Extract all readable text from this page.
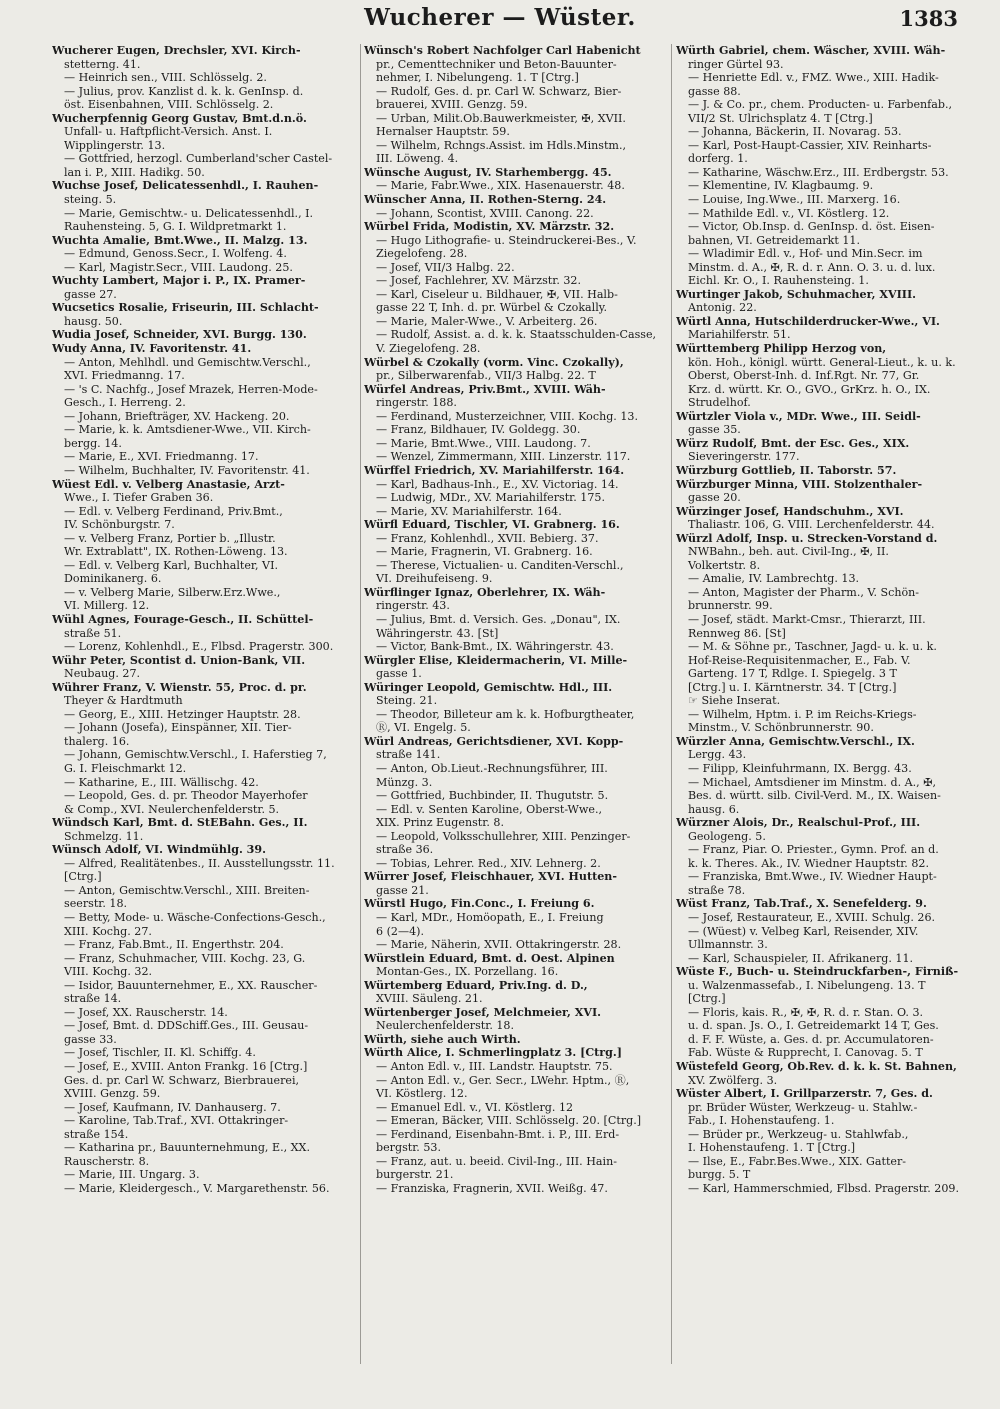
Wucherer — Wüster.	1383
Wucherer Eugen, Drechsler, XVI. Kirch-
stetterng. 41.
— Heinrich sen., VIII. Schlösselg. 2.
— Julius, prov. Kanzlist d. k. k. GenInsp. d.
öst. Eisenbahnen, VIII. Schlösselg. 2.
Wucherpfennig Georg Gustav, Bmt.d.n.ö.
Unfall- u. Haftpflicht-Versich. Anst. I.
Wipplingerstr. 13.
— Gottfried, herzogl. Cumberland'scher Castel-
lan i. P., XIII. Hadikg. 50.
Wuchse Josef, Delicatessenhdl., I. Rauhen-
steing. 5.
— Marie, Gemischtw.- u. Delicatessenhdl., I.
Rauhensteing. 5, G. I. Wildpretmarkt 1.
Wuchta Amalie, Bmt.Wwe., II. Malzg. 13.
— Edmund, Genoss.Secr., I. Wolfeng. 4.
— Karl, Magistr.Secr., VIII. Laudong. 25.
Wuchty Lambert, Major i. P., IX. Pramer-
gasse 27.
Wucsetics Rosalie, Friseurin, III. Schlacht-
hausg. 50.
Wudia Josef, Schneider, XVI. Burgg. 130.
Wudy Anna, IV. Favoritenstr. 41.
— Anton, Mehlhdl. und Gemischtw.Verschl.,
XVI. Friedmanng. 17.
— 's C. Nachfg., Josef Mrazek, Herren-Mode-
Gesch., I. Herreng. 2.
— Johann, Briefträger, XV. Hackeng. 20.
— Marie, k. k. Amtsdiener-Wwe., VII. Kirch-
bergg. 14.
— Marie, E., XVI. Friedmanng. 17.
— Wilhelm, Buchhalter, IV. Favoritenstr. 41.
Wüest Edl. v. Velberg Anastasie, Arzt-
Wwe., I. Tiefer Graben 36.
— Edl. v. Velberg Ferdinand, Priv.Bmt.,
IV. Schönburgstr. 7.
— v. Velberg Franz, Portier b. „Illustr.
Wr. Extrablatt", IX. Rothen-Löweng. 13.
— Edl. v. Velberg Karl, Buchhalter, VI.
Dominikanerg. 6.
— v. Velberg Marie, Silberw.Erz.Wwe.,
VI. Millerg. 12.
Wühl Agnes, Fourage-Gesch., II. Schüttel-
straße 51.
— Lorenz, Kohlenhdl., E., Flbsd. Pragerstr. 300.
Wühr Peter, Scontist d. Union-Bank, VII.
Neubaug. 27.
Wührer Franz, V. Wienstr. 55, Proc. d. pr.
Theyer & Hardtmuth
— Georg, E., XIII. Hetzinger Hauptstr. 28.
— Johann (Josefa), Einspänner, XII. Tier-
thalerg. 16.
— Johann, Gemischtw.Verschl., I. Haferstieg 7,
G. I. Fleischmarkt 12.
— Katharine, E., III. Wällischg. 42.
— Leopold, Ges. d. pr. Theodor Mayerhofer
& Comp., XVI. Neulerchenfelderstr. 5.
Wündsch Karl, Bmt. d. StEBahn. Ges., II.
Schmelzg. 11.
Wünsch Adolf, VI. Windmühlg. 39.
— Alfred, Realitätenbes., II. Ausstellungsstr. 11.
[Ctrg.]
— Anton, Gemischtw.Verschl., XIII. Breiten-
seerstr. 18.
— Betty, Mode- u. Wäsche-Confections-Gesch.,
XIII. Kochg. 27.
— Franz, Fab.Bmt., II. Engerthstr. 204.
— Franz, Schuhmacher, VIII. Kochg. 23, G.
VIII. Kochg. 32.
— Isidor, Bauunternehmer, E., XX. Rauscher-
straße 14.
— Josef, XX. Rauscherstr. 14.
— Josef, Bmt. d. DDSchiff.Ges., III. Geusau-
gasse 33.
— Josef, Tischler, II. Kl. Schiffg. 4.
— Josef, E., XVIII. Anton Frankg. 16 [Ctrg.]
Ges. d. pr. Carl W. Schwarz, Bierbrauerei,
XVIII. Genzg. 59.
— Josef, Kaufmann, IV. Danhauserg. 7.
— Karoline, Tab.Traf., XVI. Ottakringer-
straße 154.
— Katharina pr., Bauunternehmung, E., XX.
Rauscherstr. 8.
— Marie, III. Ungarg. 3.
— Marie, Kleidergesch., V. Margarethenstr. 56.
Wünsch's Robert Nachfolger Carl Habenicht
pr., Cementtechniker und Beton-Bauunter-
nehmer, I. Nibelungeng. 1. T [Ctrg.]
— Rudolf, Ges. d. pr. Carl W. Schwarz, Bier-
brauerei, XVIII. Genzg. 59.
— Urban, Milit.Ob.Bauwerkmeister, ✠, XVII.
Hernalser Hauptstr. 59.
— Wilhelm, Rchngs.Assist. im Hdls.Minstm.,
III. Löweng. 4.
Wünsche August, IV. Starhembergg. 45.
— Marie, Fabr.Wwe., XIX. Hasenauerstr. 48.
Wünscher Anna, II. Rothen-Sterng. 24.
— Johann, Scontist, XVIII. Canong. 22.
Würbel Frida, Modistin, XV. Märzstr. 32.
— Hugo Lithografie- u. Steindruckerei-Bes., V.
Ziegelofeng. 28.
— Josef, VII/3 Halbg. 22.
— Josef, Fachlehrer, XV. Märzstr. 32.
— Karl, Ciseleur u. Bildhauer, ✠, VII. Halb-
gasse 22 T, Inh. d. pr. Würbel & Czokally.
— Marie, Maler-Wwe., V. Arbeiterg. 26.
— Rudolf, Assist. a. d. k. k. Staatsschulden-Casse,
V. Ziegelofeng. 28.
Würbel & Czokally (vorm. Vinc. Czokally),
pr., Silberwarenfab., VII/3 Halbg. 22. T
Würfel Andreas, Priv.Bmt., XVIII. Wäh-
ringerstr. 188.
— Ferdinand, Musterzeichner, VIII. Kochg. 13.
— Franz, Bildhauer, IV. Goldegg. 30.
— Marie, Bmt.Wwe., VIII. Laudong. 7.
— Wenzel, Zimmermann, XIII. Linzerstr. 117.
Würffel Friedrich, XV. Mariahilferstr. 164.
— Karl, Badhaus-Inh., E., XV. Victoriag. 14.
— Ludwig, MDr., XV. Mariahilferstr. 175.
— Marie, XV. Mariahilferstr. 164.
Würfl Eduard, Tischler, VI. Grabnerg. 16.
— Franz, Kohlenhdl., XVII. Bebierg. 37.
— Marie, Fragnerin, VI. Grabnerg. 16.
— Therese, Victualien- u. Canditen-Verschl.,
VI. Dreihufeiseng. 9.
Würflinger Ignaz, Oberlehrer, IX. Wäh-
ringerstr. 43.
— Julius, Bmt. d. Versich. Ges. „Donau", IX.
Währingerstr. 43. [St]
— Victor, Bank-Bmt., IX. Währingerstr. 43.
Würgler Elise, Kleidermacherin, VI. Mille-
gasse 1.
Würinger Leopold, Gemischtw. Hdl., III.
Steing. 21.
— Theodor, Billeteur am k. k. Hofburgtheater,
Ⓡ, VI. Engelg. 5.
Würl Andreas, Gerichtsdiener, XVI. Kopp-
straße 141.
— Anton, Ob.Lieut.-Rechnungsführer, III.
Münzg. 3.
— Gottfried, Buchbinder, II. Thugutstr. 5.
— Edl. v. Senten Karoline, Oberst-Wwe.,
XIX. Prinz Eugenstr. 8.
— Leopold, Volksschullehrer, XIII. Penzinger-
straße 36.
— Tobias, Lehrer. Red., XIV. Lehnerg. 2.
Würrer Josef, Fleischhauer, XVI. Hutten-
gasse 21.
Würstl Hugo, Fin.Conc., I. Freiung 6.
— Karl, MDr., Homöopath, E., I. Freiung
6 (2—4).
— Marie, Näherin, XVII. Ottakringerstr. 28.
Würstlein Eduard, Bmt. d. Oest. Alpinen
Montan-Ges., IX. Porzellang. 16.
Würtemberg Eduard, Priv.Ing. d. D.,
XVIII. Säuleng. 21.
Würtenberger Josef, Melchmeier, XVI.
Neulerchenfelderstr. 18.
Würth, siehe auch Wirth.
Würth Alice, I. Schmerlingplatz 3. [Ctrg.]
— Anton Edl. v., III. Landstr. Hauptstr. 75.
— Anton Edl. v., Ger. Secr., LWehr. Hptm., Ⓡ,
VI. Köstlerg. 12.
— Emanuel Edl. v., VI. Köstlerg. 12
— Emeran, Bäcker, VIII. Schlösselg. 20. [Ctrg.]
— Ferdinand, Eisenbahn-Bmt. i. P., III. Erd-
bergstr. 53.
— Franz, aut. u. beeid. Civil-Ing., III. Hain-
burgerstr. 21.
— Franziska, Fragnerin, XVII. Weißg. 47.
Würth Gabriel, chem. Wäscher, XVIII. Wäh-
ringer Gürtel 93.
— Henriette Edl. v., FMZ. Wwe., XIII. Hadik-
gasse 88.
— J. & Co. pr., chem. Producten- u. Farbenfab.,
VII/2 St. Ulrichsplatz 4. T [Ctrg.]
— Johanna, Bäckerin, II. Novarag. 53.
— Karl, Post-Haupt-Cassier, XIV. Reinharts-
dorferg. 1.
— Katharine, Wäschw.Erz., III. Erdbergstr. 53.
— Klementine, IV. Klagbaumg. 9.
— Louise, Ing.Wwe., III. Marxerg. 16.
— Mathilde Edl. v., VI. Köstlerg. 12.
— Victor, Ob.Insp. d. GenInsp. d. öst. Eisen-
bahnen, VI. Getreidemarkt 11.
— Wladimir Edl. v., Hof- und Min.Secr. im
Minstm. d. A., ✠, R. d. r. Ann. O. 3. u. d. lux.
Eichl. Kr. O., I. Rauhensteing. 1.
Wurtinger Jakob, Schuhmacher, XVIII.
Antonig. 22.
Würtl Anna, Hutschilderdrucker-Wwe., VI.
Mariahilferstr. 51.
Württemberg Philipp Herzog von,
kön. Hoh., königl. württ. General-Lieut., k. u. k.
Oberst, Oberst-Inh. d. Inf.Rgt. Nr. 77, Gr.
Krz. d. württ. Kr. O., GVO., GrKrz. h. O., IX.
Strudelhof.
Würtzler Viola v., MDr. Wwe., III. Seidl-
gasse 35.
Würz Rudolf, Bmt. der Esc. Ges., XIX.
Sieveringerstr. 177.
Würzburg Gottlieb, II. Taborstr. 57.
Würzburger Minna, VIII. Stolzenthaler-
gasse 20.
Würzinger Josef, Handschuhm., XVI.
Thaliastr. 106, G. VIII. Lerchenfelderstr. 44.
Würzl Adolf, Insp. u. Strecken-Vorstand d.
NWBahn., beh. aut. Civil-Ing., ✠, II.
Volkertstr. 8.
— Amalie, IV. Lambrechtg. 13.
— Anton, Magister der Pharm., V. Schön-
brunnerstr. 99.
— Josef, städt. Markt-Cmsr., Thierarzt, III.
Rennweg 86. [St]
— M. & Söhne pr., Taschner, Jagd- u. k. u. k.
Hof-Reise-Requisitenmacher, E., Fab. V.
Garteng. 17 T, Rdlge. I. Spiegelg. 3 T
[Ctrg.] u. I. Kärntnerstr. 34. T [Ctrg.]
☞ Siehe Inserat.
— Wilhelm, Hptm. i. P. im Reichs-Kriegs-
Minstm., V. Schönbrunnerstr. 90.
Würzler Anna, Gemischtw.Verschl., IX.
Lergg. 43.
— Filipp, Kleinfuhrmann, IX. Bergg. 43.
— Michael, Amtsdiener im Minstm. d. A., ✠,
Bes. d. württ. silb. Civil-Verd. M., IX. Waisen-
hausg. 6.
Würzner Alois, Dr., Realschul-Prof., III.
Geologeng. 5.
— Franz, Piar. O. Priester., Gymn. Prof. an d.
k. k. Theres. Ak., IV. Wiedner Hauptstr. 82.
— Franziska, Bmt.Wwe., IV. Wiedner Haupt-
straße 78.
Wüst Franz, Tab.Traf., X. Senefelderg. 9.
— Josef, Restaurateur, E., XVIII. Schulg. 26.
— (Wüest) v. Velbeg Karl, Reisender, XIV.
Ullmannstr. 3.
— Karl, Schauspieler, II. Afrikanerg. 11.
Wüste F., Buch- u. Steindruckfarben-, Firniß-
u. Walzenmassefab., I. Nibelungeng. 13. T
[Ctrg.]
— Floris, kais. R., ✠, ✠, R. d. r. Stan. O. 3.
u. d. span. Js. O., I. Getreidemarkt 14 T, Ges.
d. F. F. Wüste, a. Ges. d. pr. Accumulatoren-
Fab. Wüste & Rupprecht, I. Canovag. 5. T
Wüstefeld Georg, Ob.Rev. d. k. k. St. Bahnen,
XV. Zwölferg. 3.
Wüster Albert, I. Grillparzerstr. 7, Ges. d.
pr. Brüder Wüster, Werkzeug- u. Stahlw.-
Fab., I. Hohenstaufeng. 1.
— Brüder pr., Werkzeug- u. Stahlwfab.,
I. Hohenstaufeng. 1. T [Ctrg.]
— Ilse, E., Fabr.Bes.Wwe., XIX. Gatter-
burgg. 5. T
— Karl, Hammerschmied, Flbsd. Pragerstr. 209.
